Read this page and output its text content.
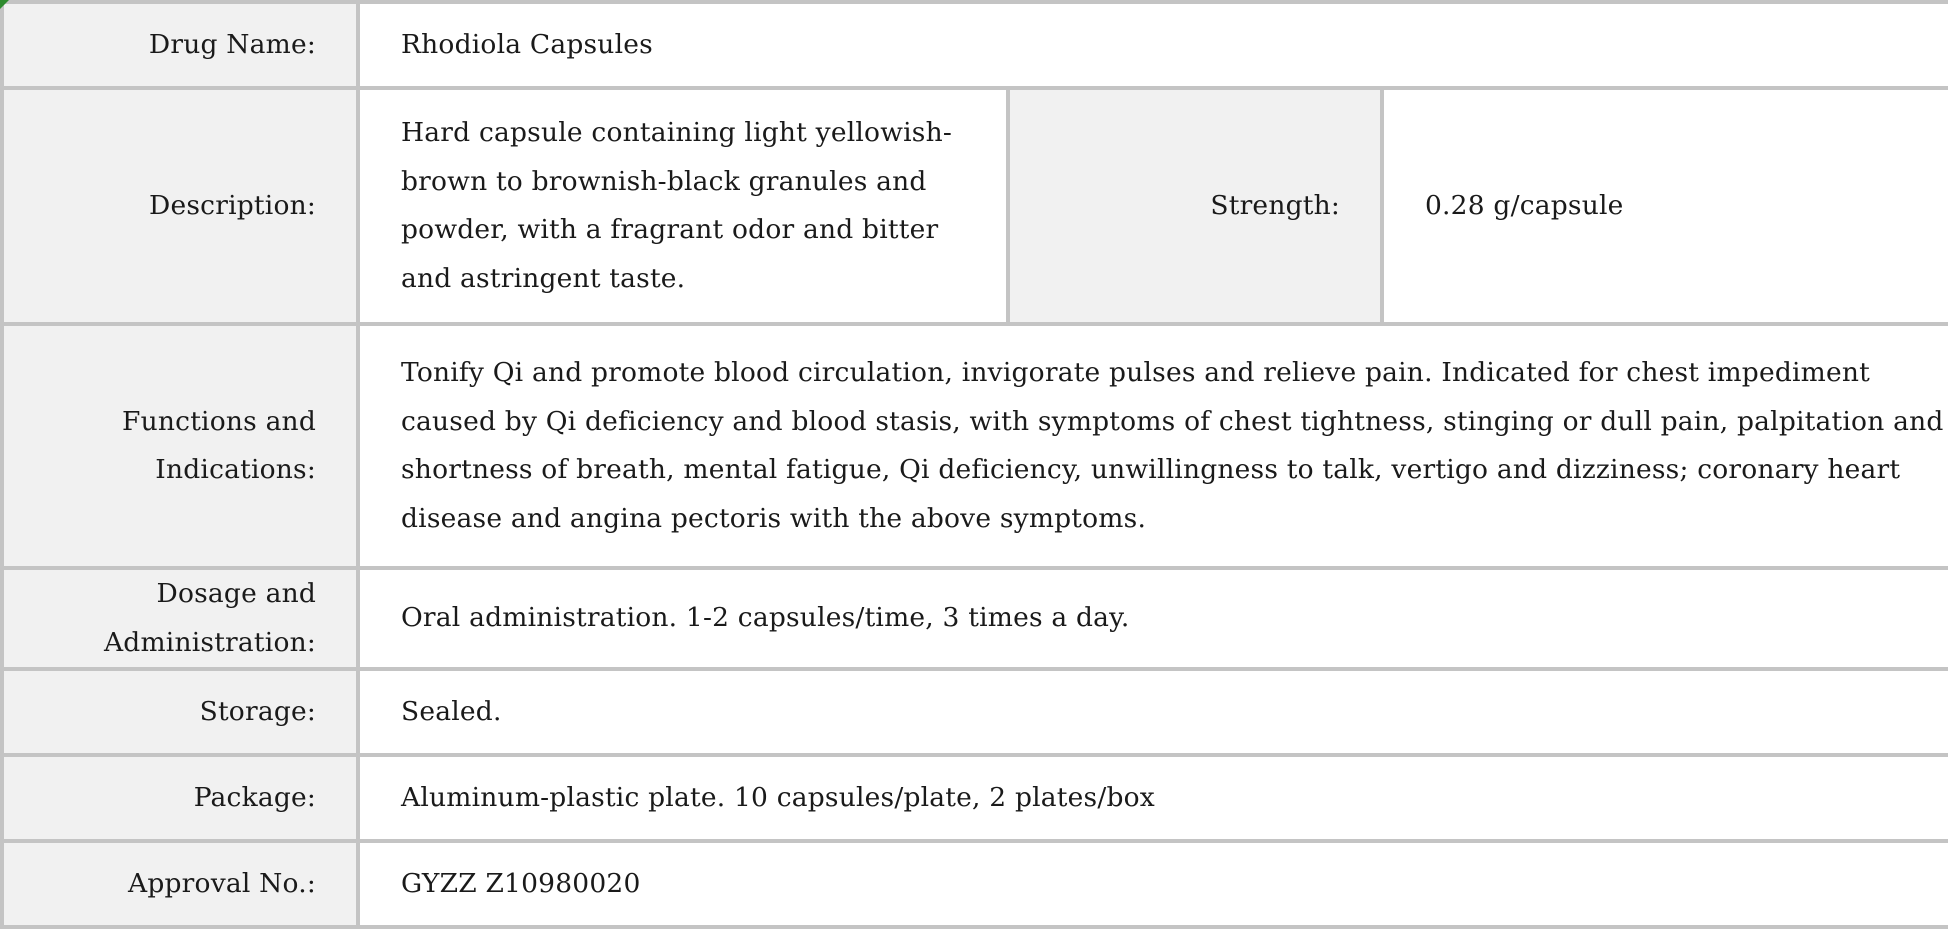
Drug Name:	Rhodiola Capsules		
Description:	Hard capsule containing light yellowish-brown to brownish-black granules and powder, with a fragrant odor and bitter and astringent taste.	Strength:	0.28 g/capsule
Functions and Indications:	Tonify Qi and promote blood circulation, invigorate pulses and relieve pain. Indicated for chest impediment caused by Qi deficiency and blood stasis, with symptoms of chest tightness, stinging or dull pain, palpitation and shortness of breath, mental fatigue, Qi deficiency, unwillingness to talk, vertigo and dizziness; coronary heart disease and angina pectoris with the above symptoms.		
Dosage and Administration:	Oral administration. 1-2 capsules/time, 3 times a day.		
Storage:	Sealed.		
Package:	Aluminum-plastic plate. 10 capsules/plate, 2 plates/box		
Approval No.:	GYZZ Z10980020		
